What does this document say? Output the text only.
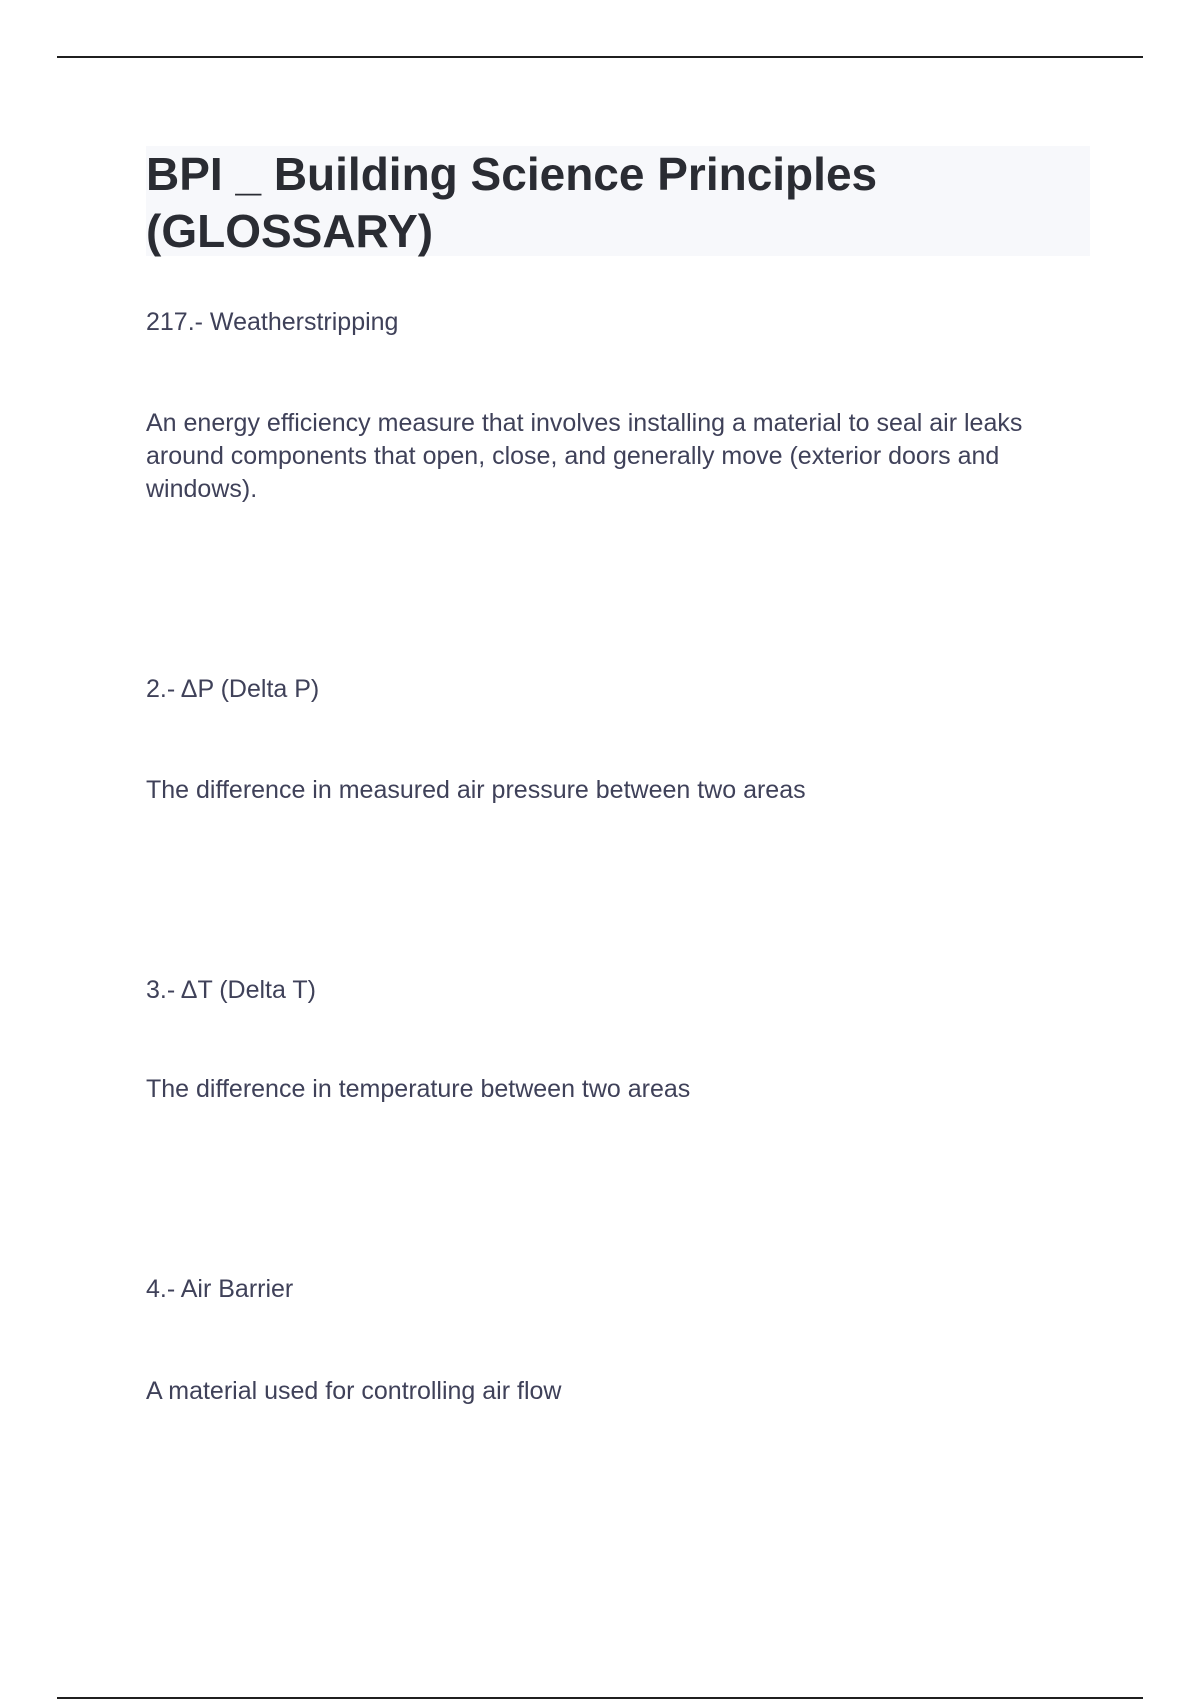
BPI _ Building Science Principles (GLOSSARY)
217.- Weatherstripping
An energy efficiency measure that involves installing a material to seal air leaks around components that open, close, and generally move (exterior doors and windows).
2.- ΔP (Delta P)
The difference in measured air pressure between two areas
3.- ΔT (Delta T)
The difference in temperature between two areas
4.- Air Barrier
A material used for controlling air flow
